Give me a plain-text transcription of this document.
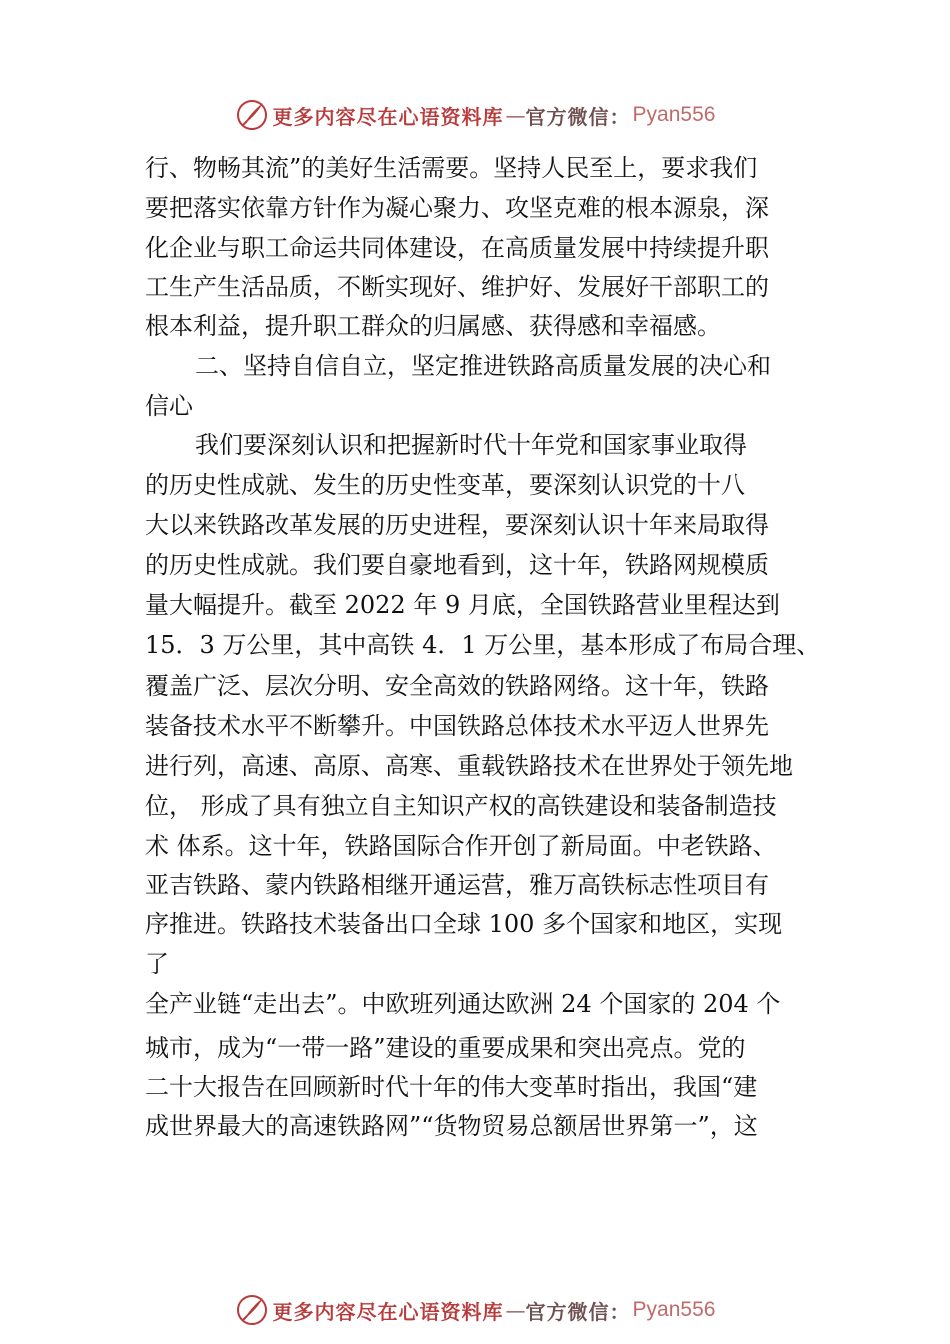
更多内容尽在心语资料库 — 官方微信： Pyan556
行、物畅其流”的美好生活需要。坚持人民至上，要求我们
要把落实依靠方针作为凝心聚力、攻坚克难的根本源泉，深
化企业与职工命运共同体建设，在高质量发展中持续提升职
工生产生活品质，不断实现好、维护好、发展好干部职工的
根本利益，提升职工群众的归属感、获得感和幸福感。
二、坚持自信自立，坚定推进铁路高质量发展的决心和
信心
我们要深刻认识和把握新时代十年党和国家事业取得
的历史性成就、发生的历史性变革，要深刻认识党的十八
大以来铁路改革发展的历史进程，要深刻认识十年来局取得
的历史性成就。我们要自豪地看到，这十年，铁路网规模质
量大幅提升。截至 2022 年 9 月底，全国铁路营业里程达到
15．3 万公里，其中高铁 4．1 万公里，基本形成了布局合理、
覆盖广泛、层次分明、安全高效的铁路网络。这十年，铁路
装备技术水平不断攀升。中国铁路总体技术水平迈人世界先
进行列，高速、高原、高寒、重载铁路技术在世界处于领先地
位， 形成了具有独立自主知识产权的高铁建设和装备制造技
术 体系。这十年，铁路国际合作开创了新局面。中老铁路、
亚吉铁路、蒙内铁路相继开通运营，雅万高铁标志性项目有
序推进。铁路技术装备出口全球 100 多个国家和地区，实现
了
全产业链“走出去”。中欧班列通达欧洲 24 个国家的 204 个
城市，成为“一带一路”建设的重要成果和突出亮点。党的
二十大报告在回顾新时代十年的伟大变革时指出，我国“建
成世界最大的高速铁路网”“货物贸易总额居世界第一”，这
更多内容尽在心语资料库 — 官方微信： Pyan556
